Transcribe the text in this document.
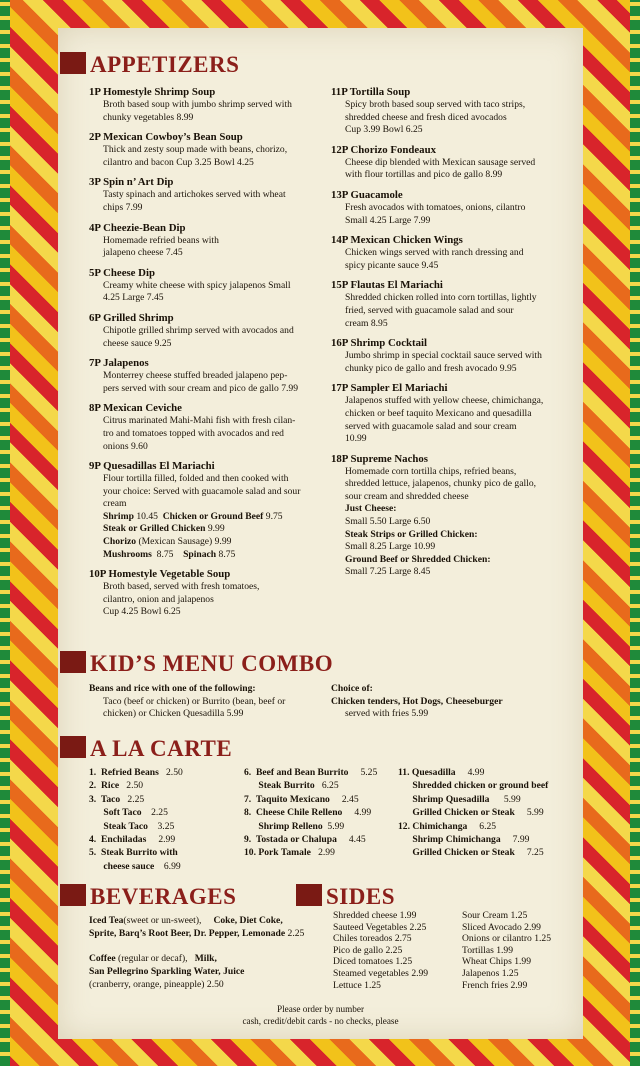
APPETIZERS
1P Homestyle Shrimp Soup
Broth based soup with jumbo shrimp served with
chunky vegetables 8.99
2P Mexican Cowboy’s Bean Soup
Thick and zesty soup made with beans, chorizo,
cilantro and bacon Cup 3.25 Bowl 4.25
3P Spin n’ Art Dip
Tasty spinach and artichokes served with wheat
chips 7.99
4P Cheezie-Bean Dip
Homemade refried beans with
jalapeno cheese 7.45
5P Cheese Dip
Creamy white cheese with spicy jalapenos Small
4.25 Large 7.45
6P Grilled Shrimp
Chipotle grilled shrimp served with avocados and
cheese sauce 9.25
7P Jalapenos
Monterrey cheese stuffed breaded jalapeno pep-
pers served with sour cream and pico de gallo 7.99
8P Mexican Ceviche
Citrus marinated Mahi-Mahi fish with fresh cilan-
tro and tomatoes topped with avocados and red
onions 9.60
9P Quesadillas El Mariachi
Flour tortilla filled, folded and then cooked with
your choice: Served with guacamole salad and sour
cream
Shrimp 10.45  Chicken or Ground Beef 9.75
Steak or Grilled Chicken 9.99
Chorizo (Mexican Sausage) 9.99
Mushrooms  8.75    Spinach 8.75
10P Homestyle Vegetable Soup
Broth based, served with fresh tomatoes,
cilantro, onion and jalapenos
Cup 4.25 Bowl 6.25
11P Tortilla Soup
Spicy broth based soup served with taco strips,
shredded cheese and fresh diced avocados
Cup 3.99 Bowl 6.25
12P Chorizo Fondeaux
Cheese dip blended with Mexican sausage served
with flour tortillas and pico de gallo 8.99
13P Guacamole
Fresh avocados with tomatoes, onions, cilantro
Small 4.25 Large 7.99
14P Mexican Chicken Wings
Chicken wings served with ranch dressing and
spicy picante sauce 9.45
15P Flautas El Mariachi
Shredded chicken rolled into corn tortillas, lightly
fried, served with guacamole salad and sour
cream 8.95
16P Shrimp Cocktail
Jumbo shrimp in special cocktail sauce served with
chunky pico de gallo and fresh avocado 9.95
17P Sampler El Mariachi
Jalapenos stuffed with yellow cheese, chimichanga,
chicken or beef taquito Mexicano and quesadilla
served with guacamole salad and sour cream
10.99
18P Supreme Nachos
Homemade corn tortilla chips, refried beans,
shredded lettuce, jalapenos, chunky pico de gallo,
sour cream and shredded cheese
Just Cheese:
Small 5.50 Large 6.50
Steak Strips or Grilled Chicken:
Small 8.25 Large 10.99
Ground Beef or Shredded Chicken:
Small 7.25 Large 8.45
KID’S MENU COMBO
Beans and rice with one of the following:
Taco (beef or chicken) or Burrito (bean, beef or
chicken) or Chicken Quesadilla 5.99
Choice of:
Chicken tenders, Hot Dogs, Cheeseburger
served with fries 5.99
A LA CARTE
1.  Refried Beans   2.50
2.  Rice   2.50
3.  Taco   2.25
Soft Taco    2.25
Steak Taco    3.25
4.  Enchiladas     2.99
5.  Steak Burrito with
cheese sauce    6.99
6.  Beef and Bean Burrito     5.25
Steak Burrito   6.25
7.  Taquito Mexicano     2.45
8.  Cheese Chile Relleno     4.99
Shrimp Relleno  5.99
9.  Tostada or Chalupa     4.45
10. Pork Tamale   2.99
11. Quesadilla     4.99
Shredded chicken or ground beef
Shrimp Quesadilla      5.99
Grilled Chicken or Steak     5.99
12. Chimichanga     6.25
Shrimp Chimichanga     7.99
Grilled Chicken or Steak     7.25
BEVERAGES
Iced Tea(sweet or un-sweet),     Coke, Diet Coke,
Sprite, Barq’s Root Beer, Dr. Pepper, Lemonade 2.25
Coffee (regular or decaf),   Milk,
San Pellegrino Sparkling Water, Juice
(cranberry, orange, pineapple) 2.50
SIDES
Shredded cheese 1.99
Sauteed Vegetables 2.25
Chiles toreados 2.75
Pico de gallo 2.25
Diced tomatoes 1.25
Steamed vegetables 2.99
Lettuce 1.25
Sour Cream 1.25
Sliced Avocado 2.99
Onions or cilantro 1.25
Tortillas 1.99
Wheat Chips 1.99
Jalapenos 1.25
French fries 2.99
Please order by number
cash, credit/debit cards - no checks, please
